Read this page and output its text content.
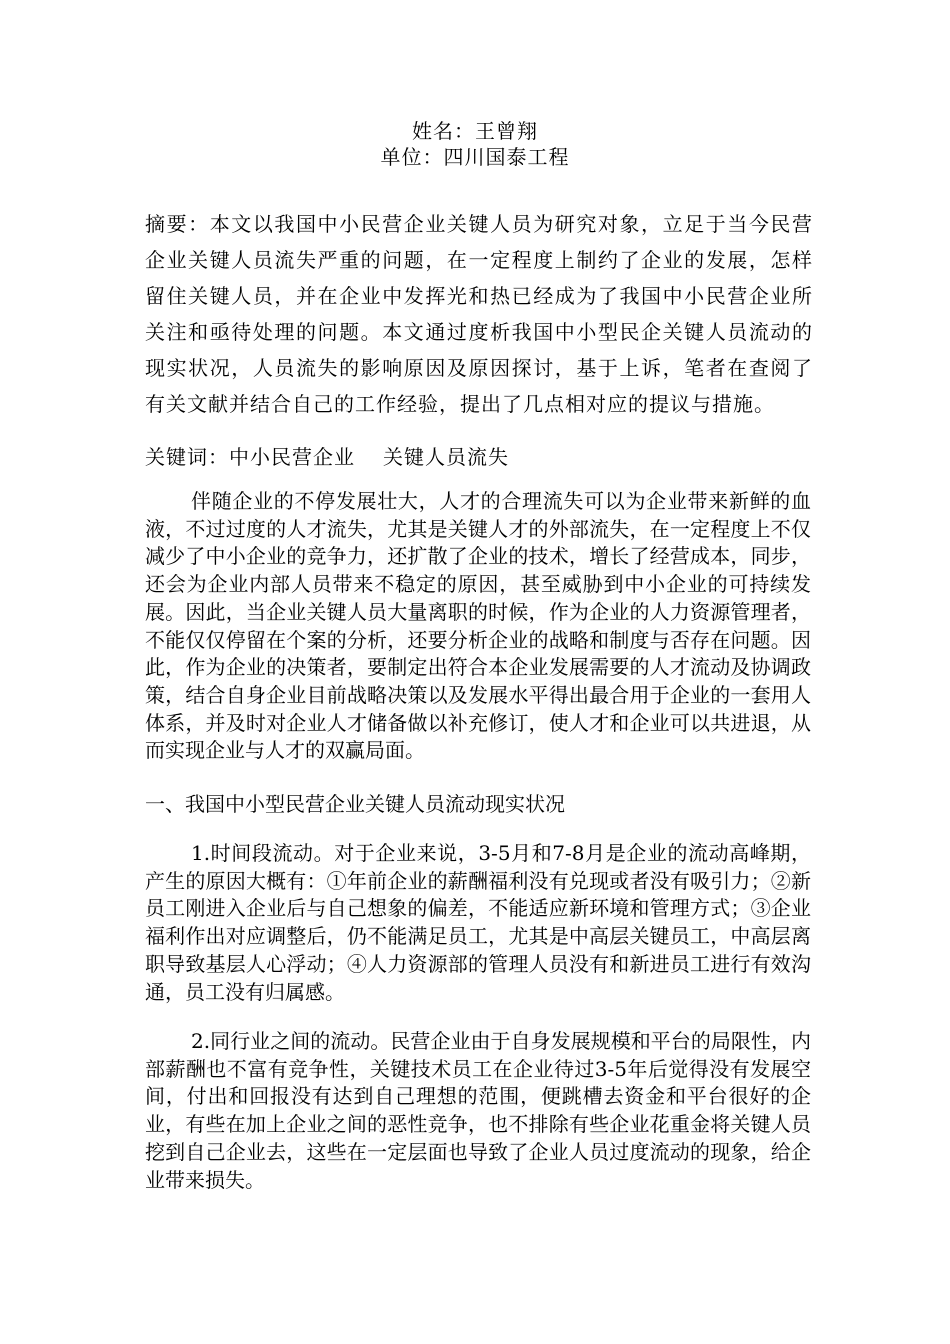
姓名：王曾翔
单位：四川国泰工程
摘要：本文以我国中小民营企业关键人员为研究对象，立足于当今民营企业关键人员流失严重的问题，在一定程度上制约了企业的发展，怎样留住关键人员，并在企业中发挥光和热已经成为了我国中小民营企业所关注和亟待处理的问题。本文通过度析我国中小型民企关键人员流动的现实状况，人员流失的影响原因及原因探讨，基于上诉，笔者在查阅了有关文献并结合自己的工作经验，提出了几点相对应的提议与措施。
关键词：中小民营企业 关键人员流失
伴随企业的不停发展壮大，人才的合理流失可以为企业带来新鲜的血液，不过过度的人才流失，尤其是关键人才的外部流失，在一定程度上不仅减少了中小企业的竞争力，还扩散了企业的技术，增长了经营成本，同步，还会为企业内部人员带来不稳定的原因，甚至威胁到中小企业的可持续发展。因此，当企业关键人员大量离职的时候，作为企业的人力资源管理者，不能仅仅停留在个案的分析，还要分析企业的战略和制度与否存在问题。因此，作为企业的决策者，要制定出符合本企业发展需要的人才流动及协调政策，结合自身企业目前战略决策以及发展水平得出最合用于企业的一套用人体系，并及时对企业人才储备做以补充修订，使人才和企业可以共进退，从而实现企业与人才的双赢局面。
一、我国中小型民营企业关键人员流动现实状况
1.时间段流动。对于企业来说，3-5月和7-8月是企业的流动高峰期，产生的原因大概有：①年前企业的薪酬福利没有兑现或者没有吸引力；②新员工刚进入企业后与自己想象的偏差，不能适应新环境和管理方式；③企业福利作出对应调整后，仍不能满足员工，尤其是中高层关键员工，中高层离职导致基层人心浮动；④人力资源部的管理人员没有和新进员工进行有效沟通，员工没有归属感。
2.同行业之间的流动。民营企业由于自身发展规模和平台的局限性，内部薪酬也不富有竞争性，关键技术员工在企业待过3-5年后觉得没有发展空间，付出和回报没有达到自己理想的范围，便跳槽去资金和平台很好的企业，有些在加上企业之间的恶性竞争，也不排除有些企业花重金将关键人员挖到自己企业去，这些在一定层面也导致了企业人员过度流动的现象，给企业带来损失。
